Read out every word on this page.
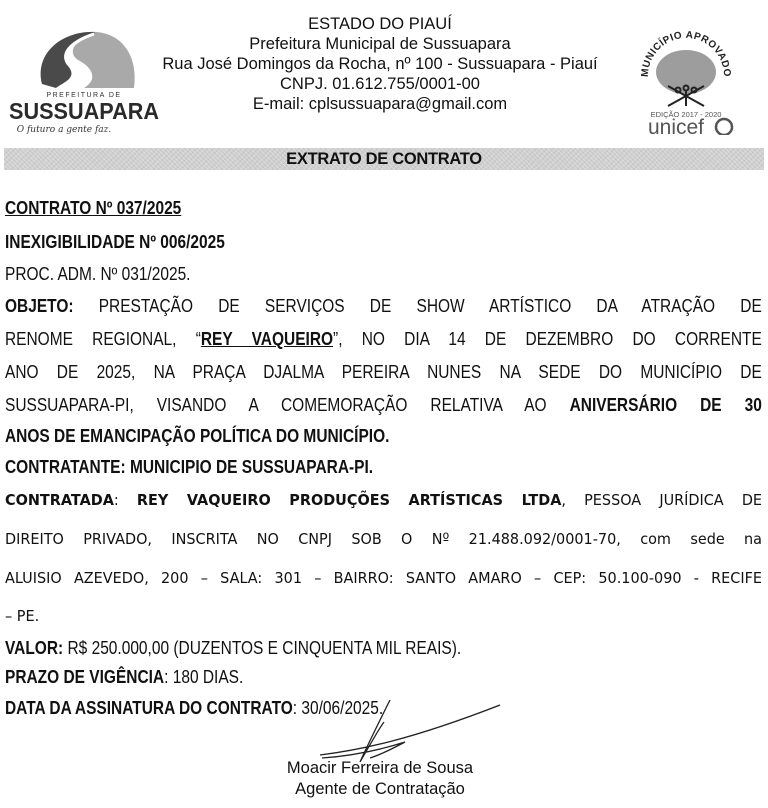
PREFEITURA DE
SUSSUAPARA
O futuro a gente faz.
ESTADO DO PIAUÍ
Prefeitura Municipal de Sussuapara
Rua José Domingos da Rocha, nº 100 - Sussuapara - Piauí
CNPJ. 01.612.755/0001-00
E-mail: cplsussuapara@gmail.com
MUNICÍPIO APROVADO
EDIÇÃO 2017 - 2020
unicef
EXTRATO DE CONTRATO
CONTRATO Nº 037/2025
INEXIGIBILIDADE Nº 006/2025
PROC. ADM. Nº 031/2025.
OBJETO: PRESTAÇÃO DE SERVIÇOS DE SHOW ARTÍSTICO DA ATRAÇÃO DE
RENOME REGIONAL, “REY VAQUEIRO”, NO DIA 14 DE DEZEMBRO DO CORRENTE
ANO DE 2025, NA PRAÇA DJALMA PEREIRA NUNES NA SEDE DO MUNICÍPIO DE
SUSSUAPARA-PI, VISANDO A COMEMORAÇÃO RELATIVA AO ANIVERSÁRIO DE 30
ANOS DE EMANCIPAÇÃO POLÍTICA DO MUNICÍPIO.
CONTRATANTE: MUNICIPIO DE SUSSUAPARA-PI.
CONTRATADA: REY VAQUEIRO PRODUÇÕES ARTÍSTICAS LTDA, PESSOA JURÍDICA DE
DIREITO PRIVADO, INSCRITA NO CNPJ SOB O Nº 21.488.092/0001-70, com sede na
ALUISIO AZEVEDO, 200 – SALA: 301 – BAIRRO: SANTO AMARO – CEP: 50.100-090 - RECIFE
– PE.
VALOR: R$ 250.000,00 (DUZENTOS E CINQUENTA MIL REAIS).
PRAZO DE VIGÊNCIA: 180 DIAS.
DATA DA ASSINATURA DO CONTRATO: 30/06/2025.
Moacir Ferreira de Sousa
Agente de Contratação
